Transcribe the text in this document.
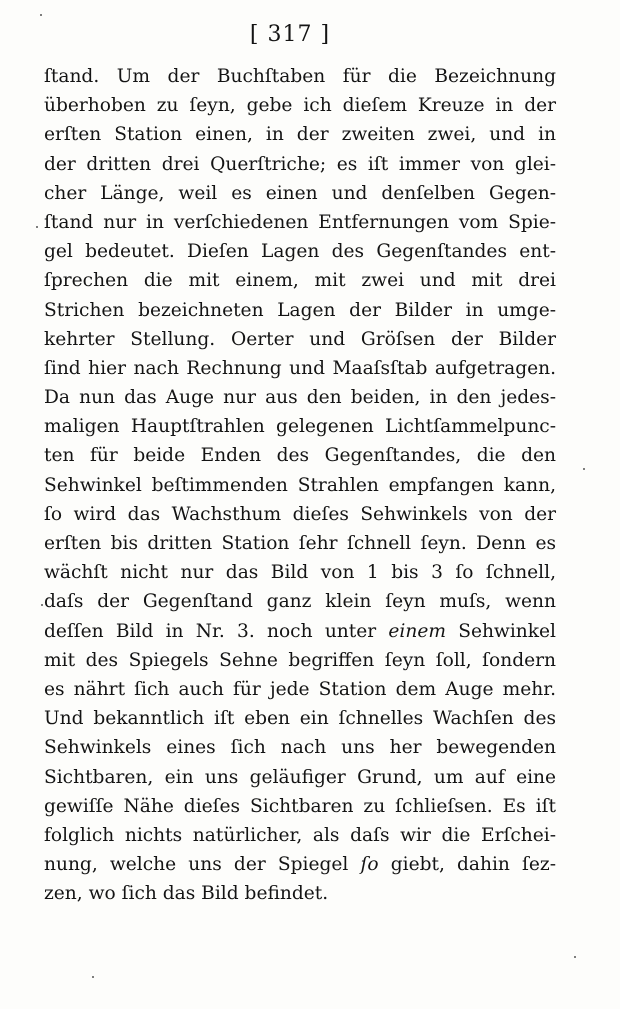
[ 317 ]
ſtand. Um der Buchſtaben für die Bezeichnung
überhoben zu ſeyn, gebe ich dieſem Kreuze in der
erſten Station einen, in der zweiten zwei, und in
der dritten drei Querſtriche; es iſt immer von glei-
cher Länge, weil es einen und denſelben Gegen-
ſtand nur in verſchiedenen Entfernungen vom Spie-
gel bedeutet. Dieſen Lagen des Gegenſtandes ent-
ſprechen die mit einem, mit zwei und mit drei
Strichen bezeichneten Lagen der Bilder in umge-
kehrter Stellung. Oerter und Gröſsen der Bilder
ſind hier nach Rechnung und Maaſsſtab aufgetragen.
Da nun das Auge nur aus den beiden, in den jedes-
maligen Hauptſtrahlen gelegenen Lichtſammelpunc-
ten für beide Enden des Gegenſtandes, die den
Sehwinkel beſtimmenden Strahlen empfangen kann,
ſo wird das Wachsthum dieſes Sehwinkels von der
erſten bis dritten Station ſehr ſchnell ſeyn. Denn es
wächſt nicht nur das Bild von 1 bis 3 ſo ſchnell,
daſs der Gegenſtand ganz klein ſeyn muſs, wenn
deſſen Bild in Nr. 3. noch unter einem Sehwinkel
mit des Spiegels Sehne begriffen ſeyn ſoll, ſondern
es nährt ſich auch für jede Station dem Auge mehr.
Und bekanntlich iſt eben ein ſchnelles Wachſen des
Sehwinkels eines ſich nach uns her bewegenden
Sichtbaren, ein uns geläufiger Grund, um auf eine
gewiſſe Nähe dieſes Sichtbaren zu ſchlieſsen. Es iſt
folglich nichts natürlicher, als daſs wir die Erſchei-
nung, welche uns der Spiegel ſo giebt, dahin ſez-
zen, wo ſich das Bild befindet.
